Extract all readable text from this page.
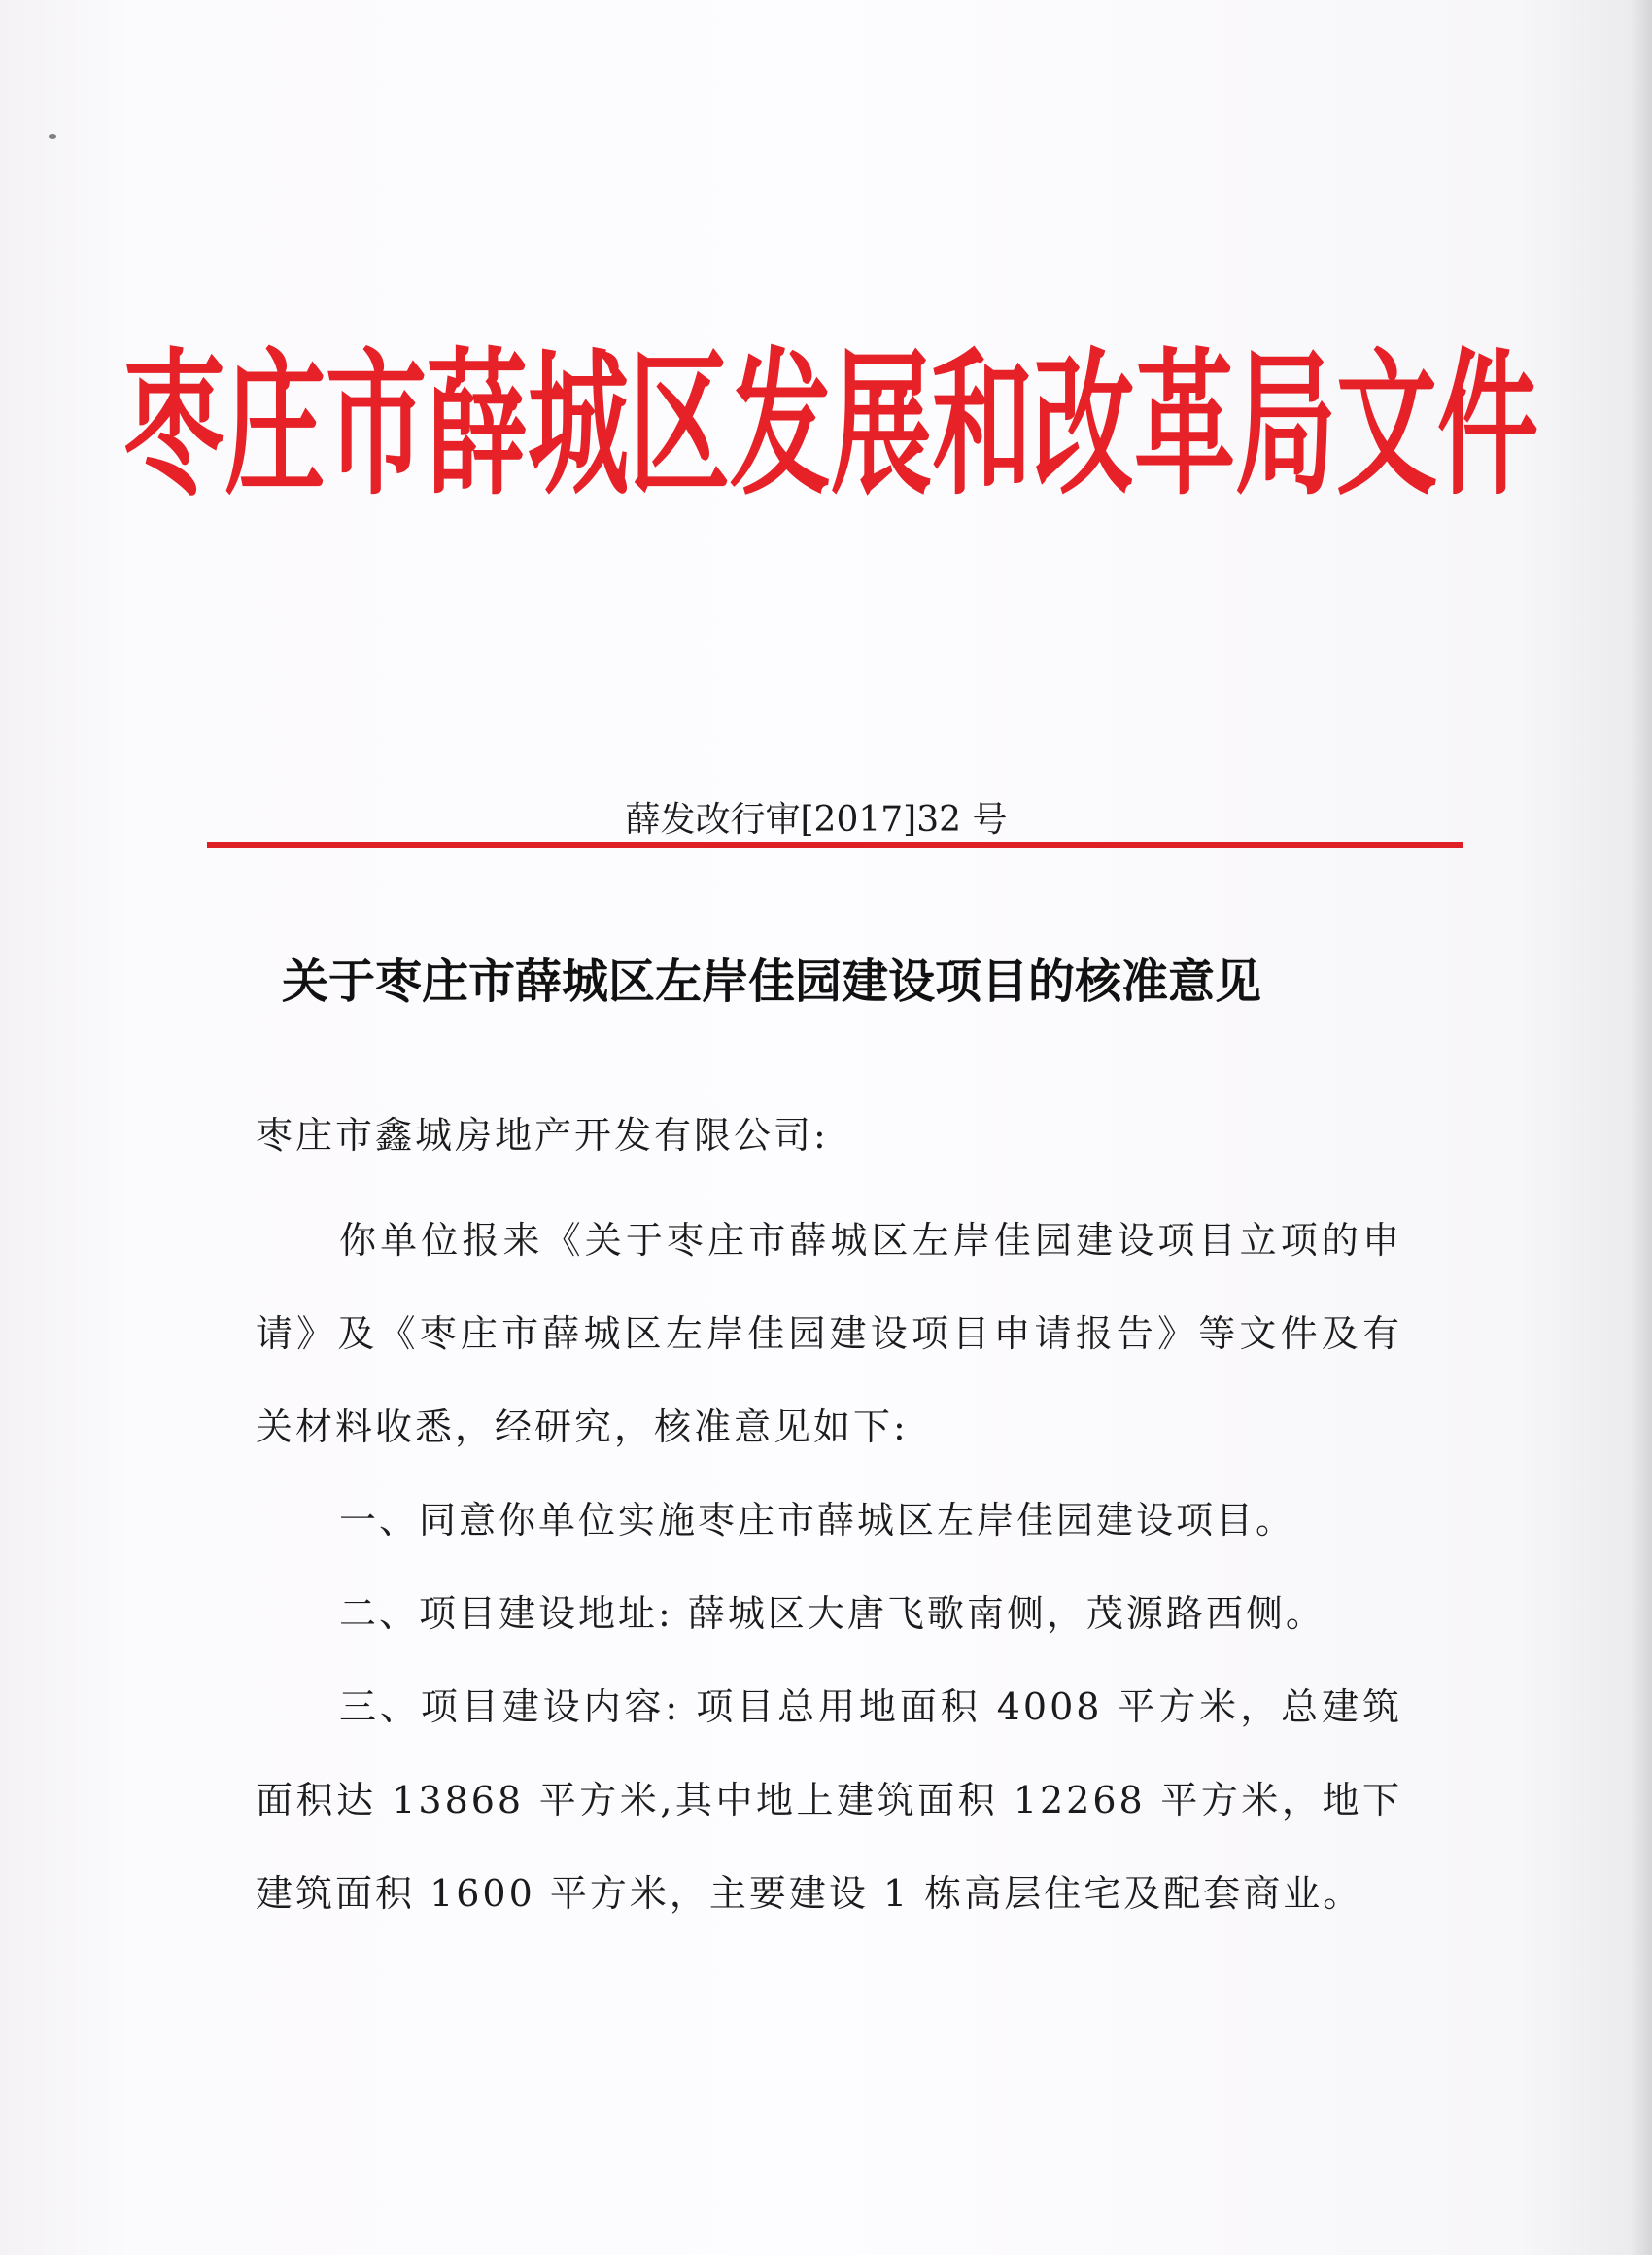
枣庄市薛城区发展和改革局文件
薛发改行审[2017]32 号
关于枣庄市薛城区左岸佳园建设项目的核准意见
枣庄市鑫城房地产开发有限公司:

你单位报来《关于枣庄市薛城区左岸佳园建设项目立项的申请》及《枣庄市薛城区左岸佳园建设项目申请报告》等文件及有关材料收悉，经研究，核准意见如下:

一、同意你单位实施枣庄市薛城区左岸佳园建设项目。

二、项目建设地址: 薛城区大唐飞歌南侧，茂源路西侧。

三、项目建设内容: 项目总用地面积 4008 平方米，总建筑面积达 13868 平方米,其中地上建筑面积 12268 平方米，地下建筑面积 1600 平方米，主要建设 1 栋高层住宅及配套商业。
